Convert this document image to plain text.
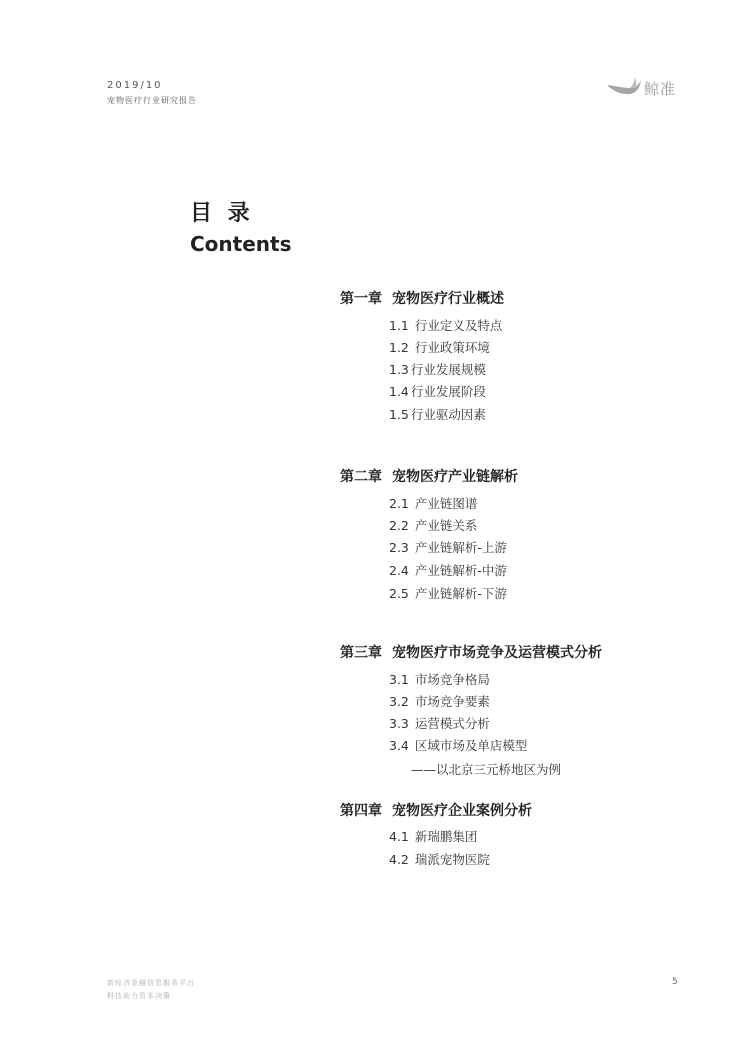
2019/10
宠物医疗行业研究报告
鲸准
目 录
Contents
第一章 宠物医疗行业概述
1.1 行业定义及特点
1.2 行业政策环境
1.3 行业发展规模
1.4 行业发展阶段
1.5 行业驱动因素
第二章 宠物医疗产业链解析
2.1 产业链图谱
2.2 产业链关系
2.3 产业链解析-上游
2.4 产业链解析-中游
2.5 产业链解析-下游
第三章 宠物医疗市场竞争及运营模式分析
3.1 市场竞争格局
3.2 市场竞争要素
3.3 运营模式分析
3.4 区域市场及单店模型
——以北京三元桥地区为例
第四章 宠物医疗企业案例分析
4.1 新瑞鹏集团
4.2 瑞派宠物医院
新经济金融信息服务平台
科技助力资本决策
5
